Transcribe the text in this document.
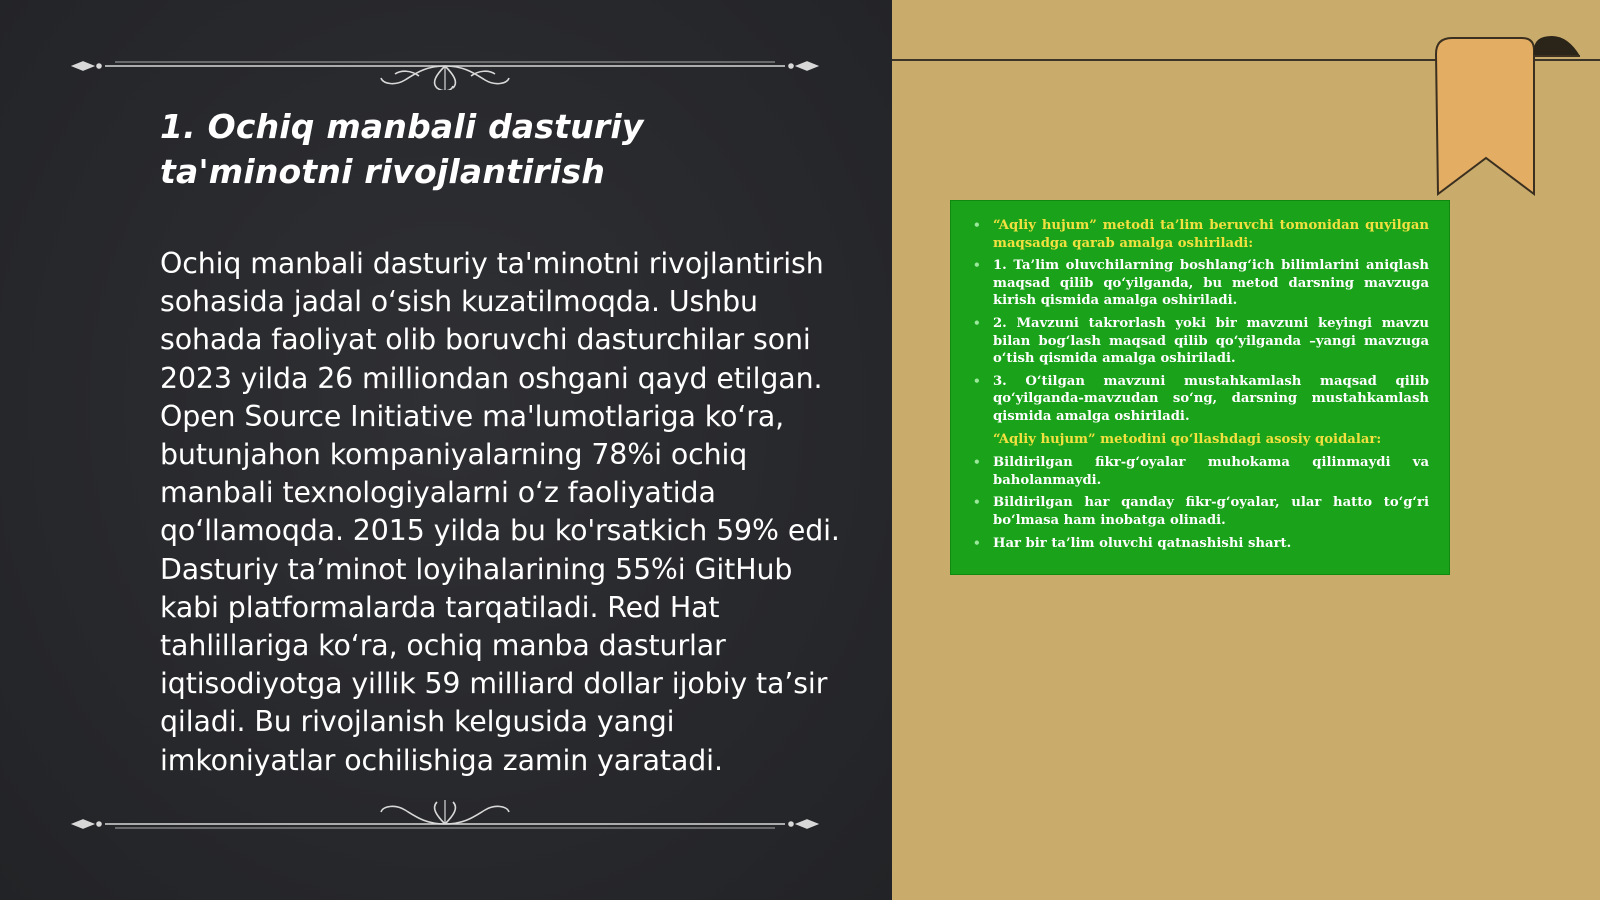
1. Ochiq manbali dasturiy ta'minotni rivojlantirish

Ochiq manbali dasturiy ta'minotni rivojlantirish sohasida jadal o‘sish kuzatilmoqda. Ushbu sohada faoliyat olib boruvchi dasturchilar soni 2023 yilda 26 milliondan oshgani qayd etilgan. Open Source Initiative ma'lumotlariga ko‘ra, butunjahon kompaniyalarning 78%i ochiq manbali texnologiyalarni o‘z faoliyatida qo‘llamoqda. 2015 yilda bu ko'rsatkich 59% edi. Dasturiy ta’minot loyihalarining 55%i GitHub kabi platformalarda tarqatiladi. Red Hat tahlillariga ko‘ra, ochiq manba dasturlar iqtisodiyotga yillik 59 milliard dollar ijobiy ta’sir qiladi. Bu rivojlanish kelgusida yangi imkoniyatlar ochilishiga zamin yaratadi.

• “Aqliy hujum” metodi ta’lim beruvchi tomonidan quyilgan maqsadga qarab amalga oshiriladi:
• 1. Ta’lim oluvchilarning boshlang‘ich bilimlarini aniqlash maqsad qilib qo‘yilganda, bu metod darsning mavzuga kirish qismida amalga oshiriladi.
• 2. Mavzuni takrorlash yoki bir mavzuni keyingi mavzu bilan bog‘lash maqsad qilib qo‘yilganda –yangi mavzuga o‘tish qismida amalga oshiriladi.
• 3. O‘tilgan mavzuni mustahkamlash maqsad qilib qo‘yilganda-mavzudan so‘ng, darsning mustahkamlash qismida amalga oshiriladi.
“Aqliy hujum” metodini qo‘llashdagi asosiy qoidalar:
• Bildirilgan fikr-g‘oyalar muhokama qilinmaydi va baholanmaydi.
• Bildirilgan har qanday fikr-g‘oyalar, ular hatto to‘g‘ri bo‘lmasa ham inobatga olinadi.
• Har bir ta’lim oluvchi qatnashishi shart.
